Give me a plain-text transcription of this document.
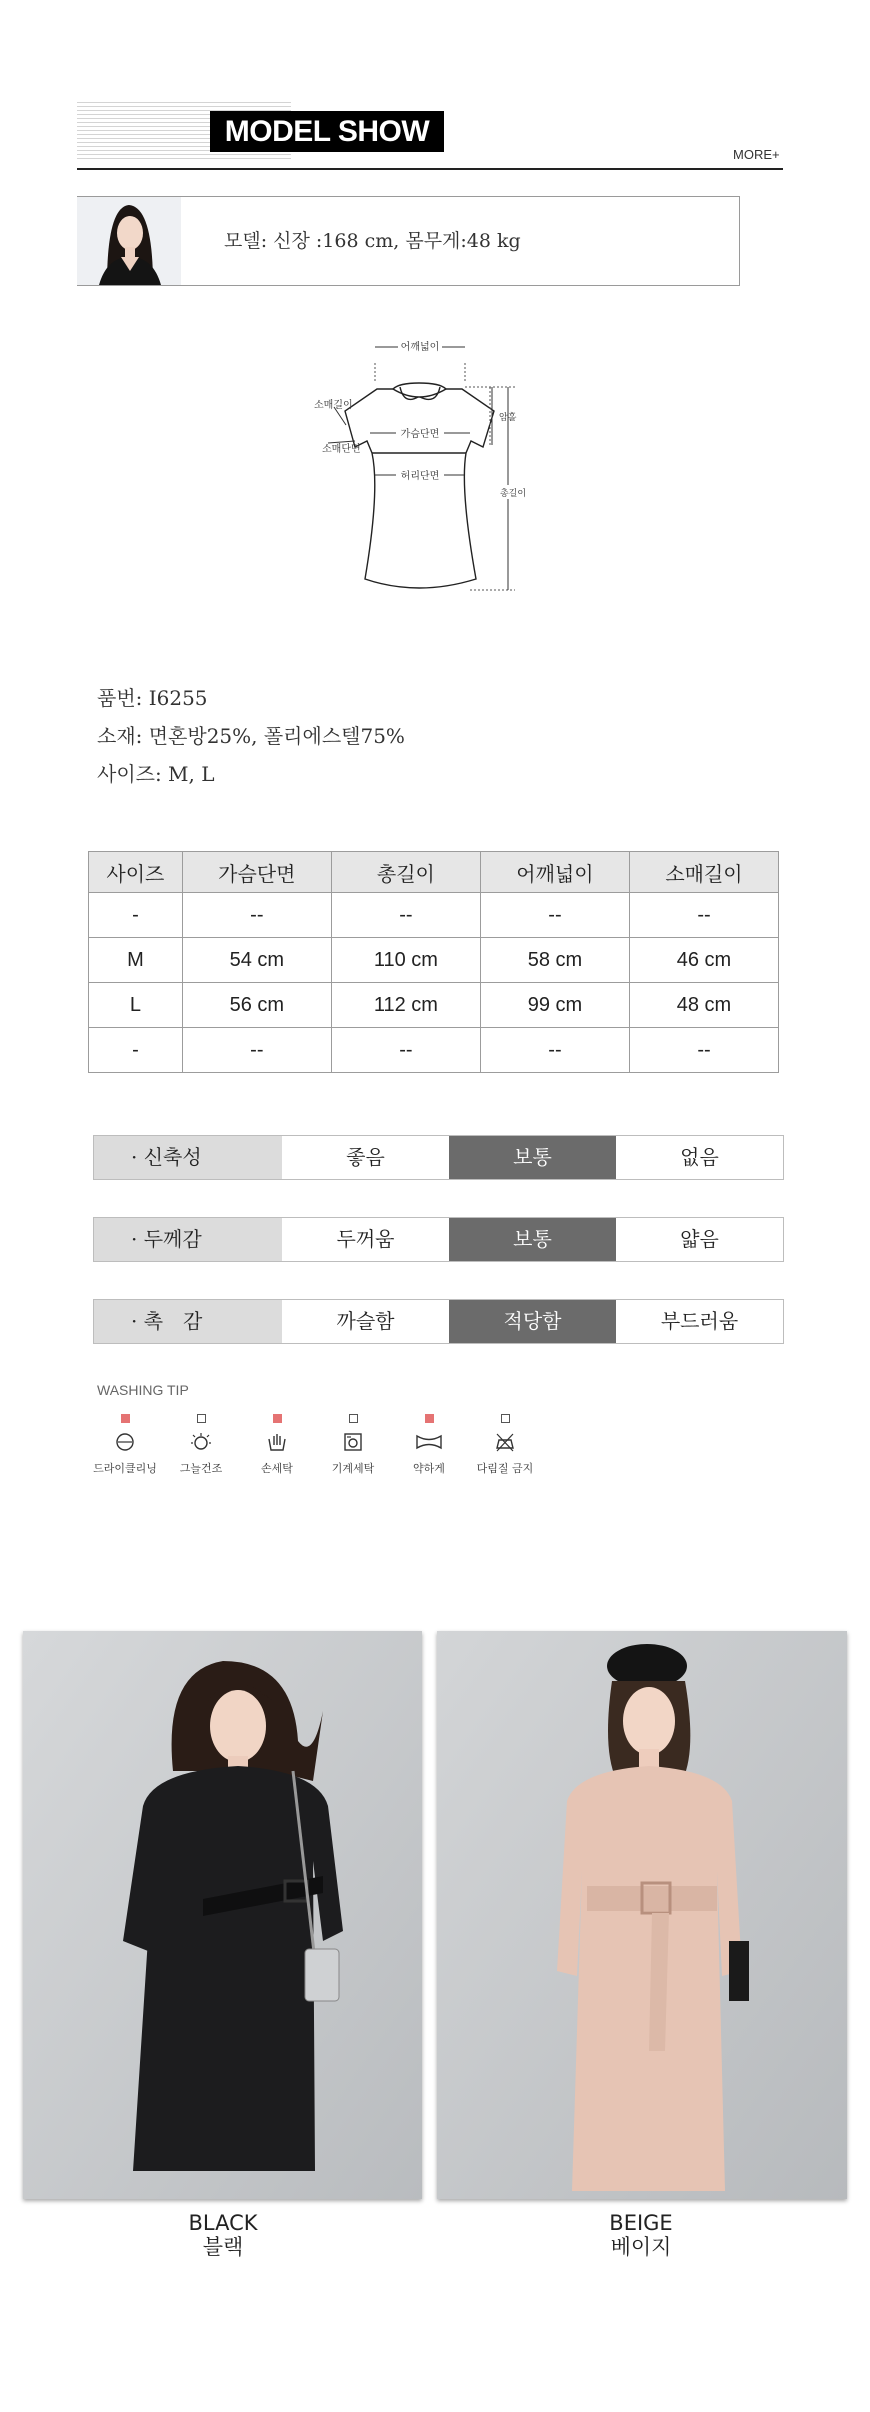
MODEL SHOW
MORE+
모델: 신장 :168 cm, 몸무게:48 kg
어깨넓이
소매길이
소매단면
가슴단면
허리단면
암홀
총길이
품번: I6255
소재: 면혼방25%, 폴리에스텔75%
사이즈: M, L
사이즈	가슴단면	총길이	어깨넓이	소매길이
-	--	--	--	--
M	54 cm	110 cm	58 cm	46 cm
L	56 cm	112 cm	99 cm	48 cm
-	--	--	--	--
· 신축성	좋음	보통	없음
· 두께감	두꺼움	보통	얇음
· 촉　감	까슬함	적당함	부드러움
WASHING TIP
드라이클리닝	그늘건조	손세탁	기계세탁	약하게	다림질 금지
BLACK
블랙
BEIGE
베이지
